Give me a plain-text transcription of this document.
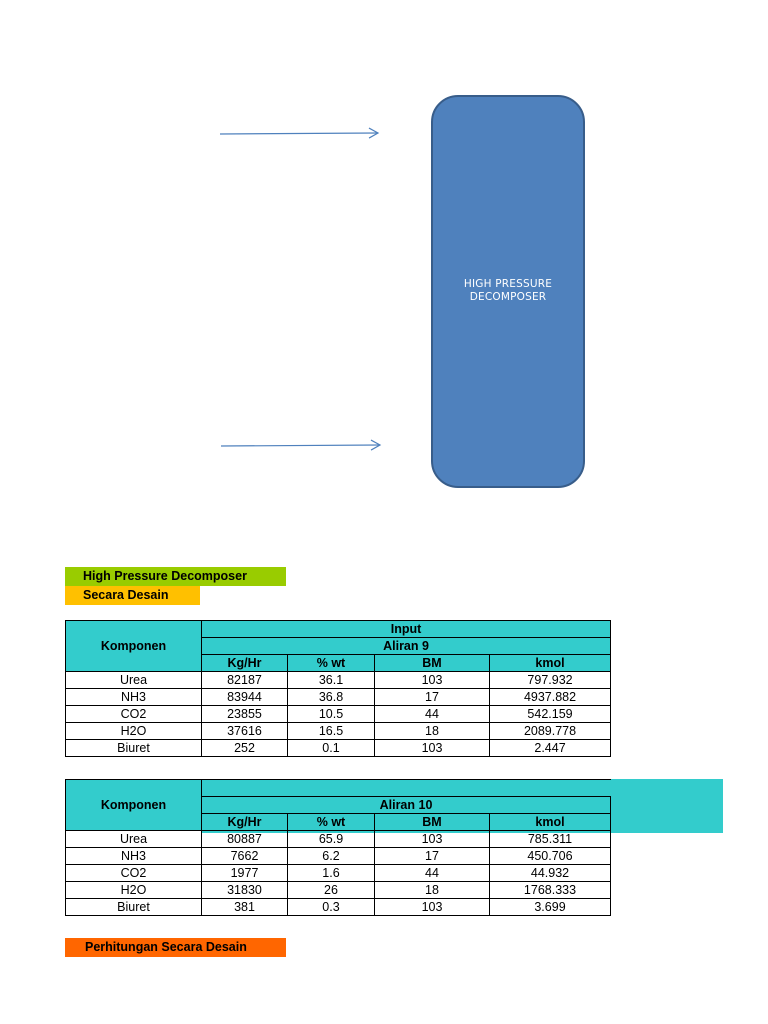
HIGH PRESSURE
DECOMPOSER
High Pressure Decomposer
Secara Desain
Komponen	Input			
	Aliran 9			
	Kg/Hr	% wt	BM	kmol
Urea	82187	36.1	103	797.932
NH3	83944	36.8	17	4937.882
CO2	23855	10.5	44	542.159
H2O	37616	16.5	18	2089.778
Biuret	252	0.1	103	2.447
Komponen				
	Aliran 10			
	Kg/Hr	% wt	BM	kmol
Urea	80887	65.9	103	785.311
NH3	7662	6.2	17	450.706
CO2	1977	1.6	44	44.932
H2O	31830	26	18	1768.333
Biuret	381	0.3	103	3.699
Perhitungan Secara Desain
